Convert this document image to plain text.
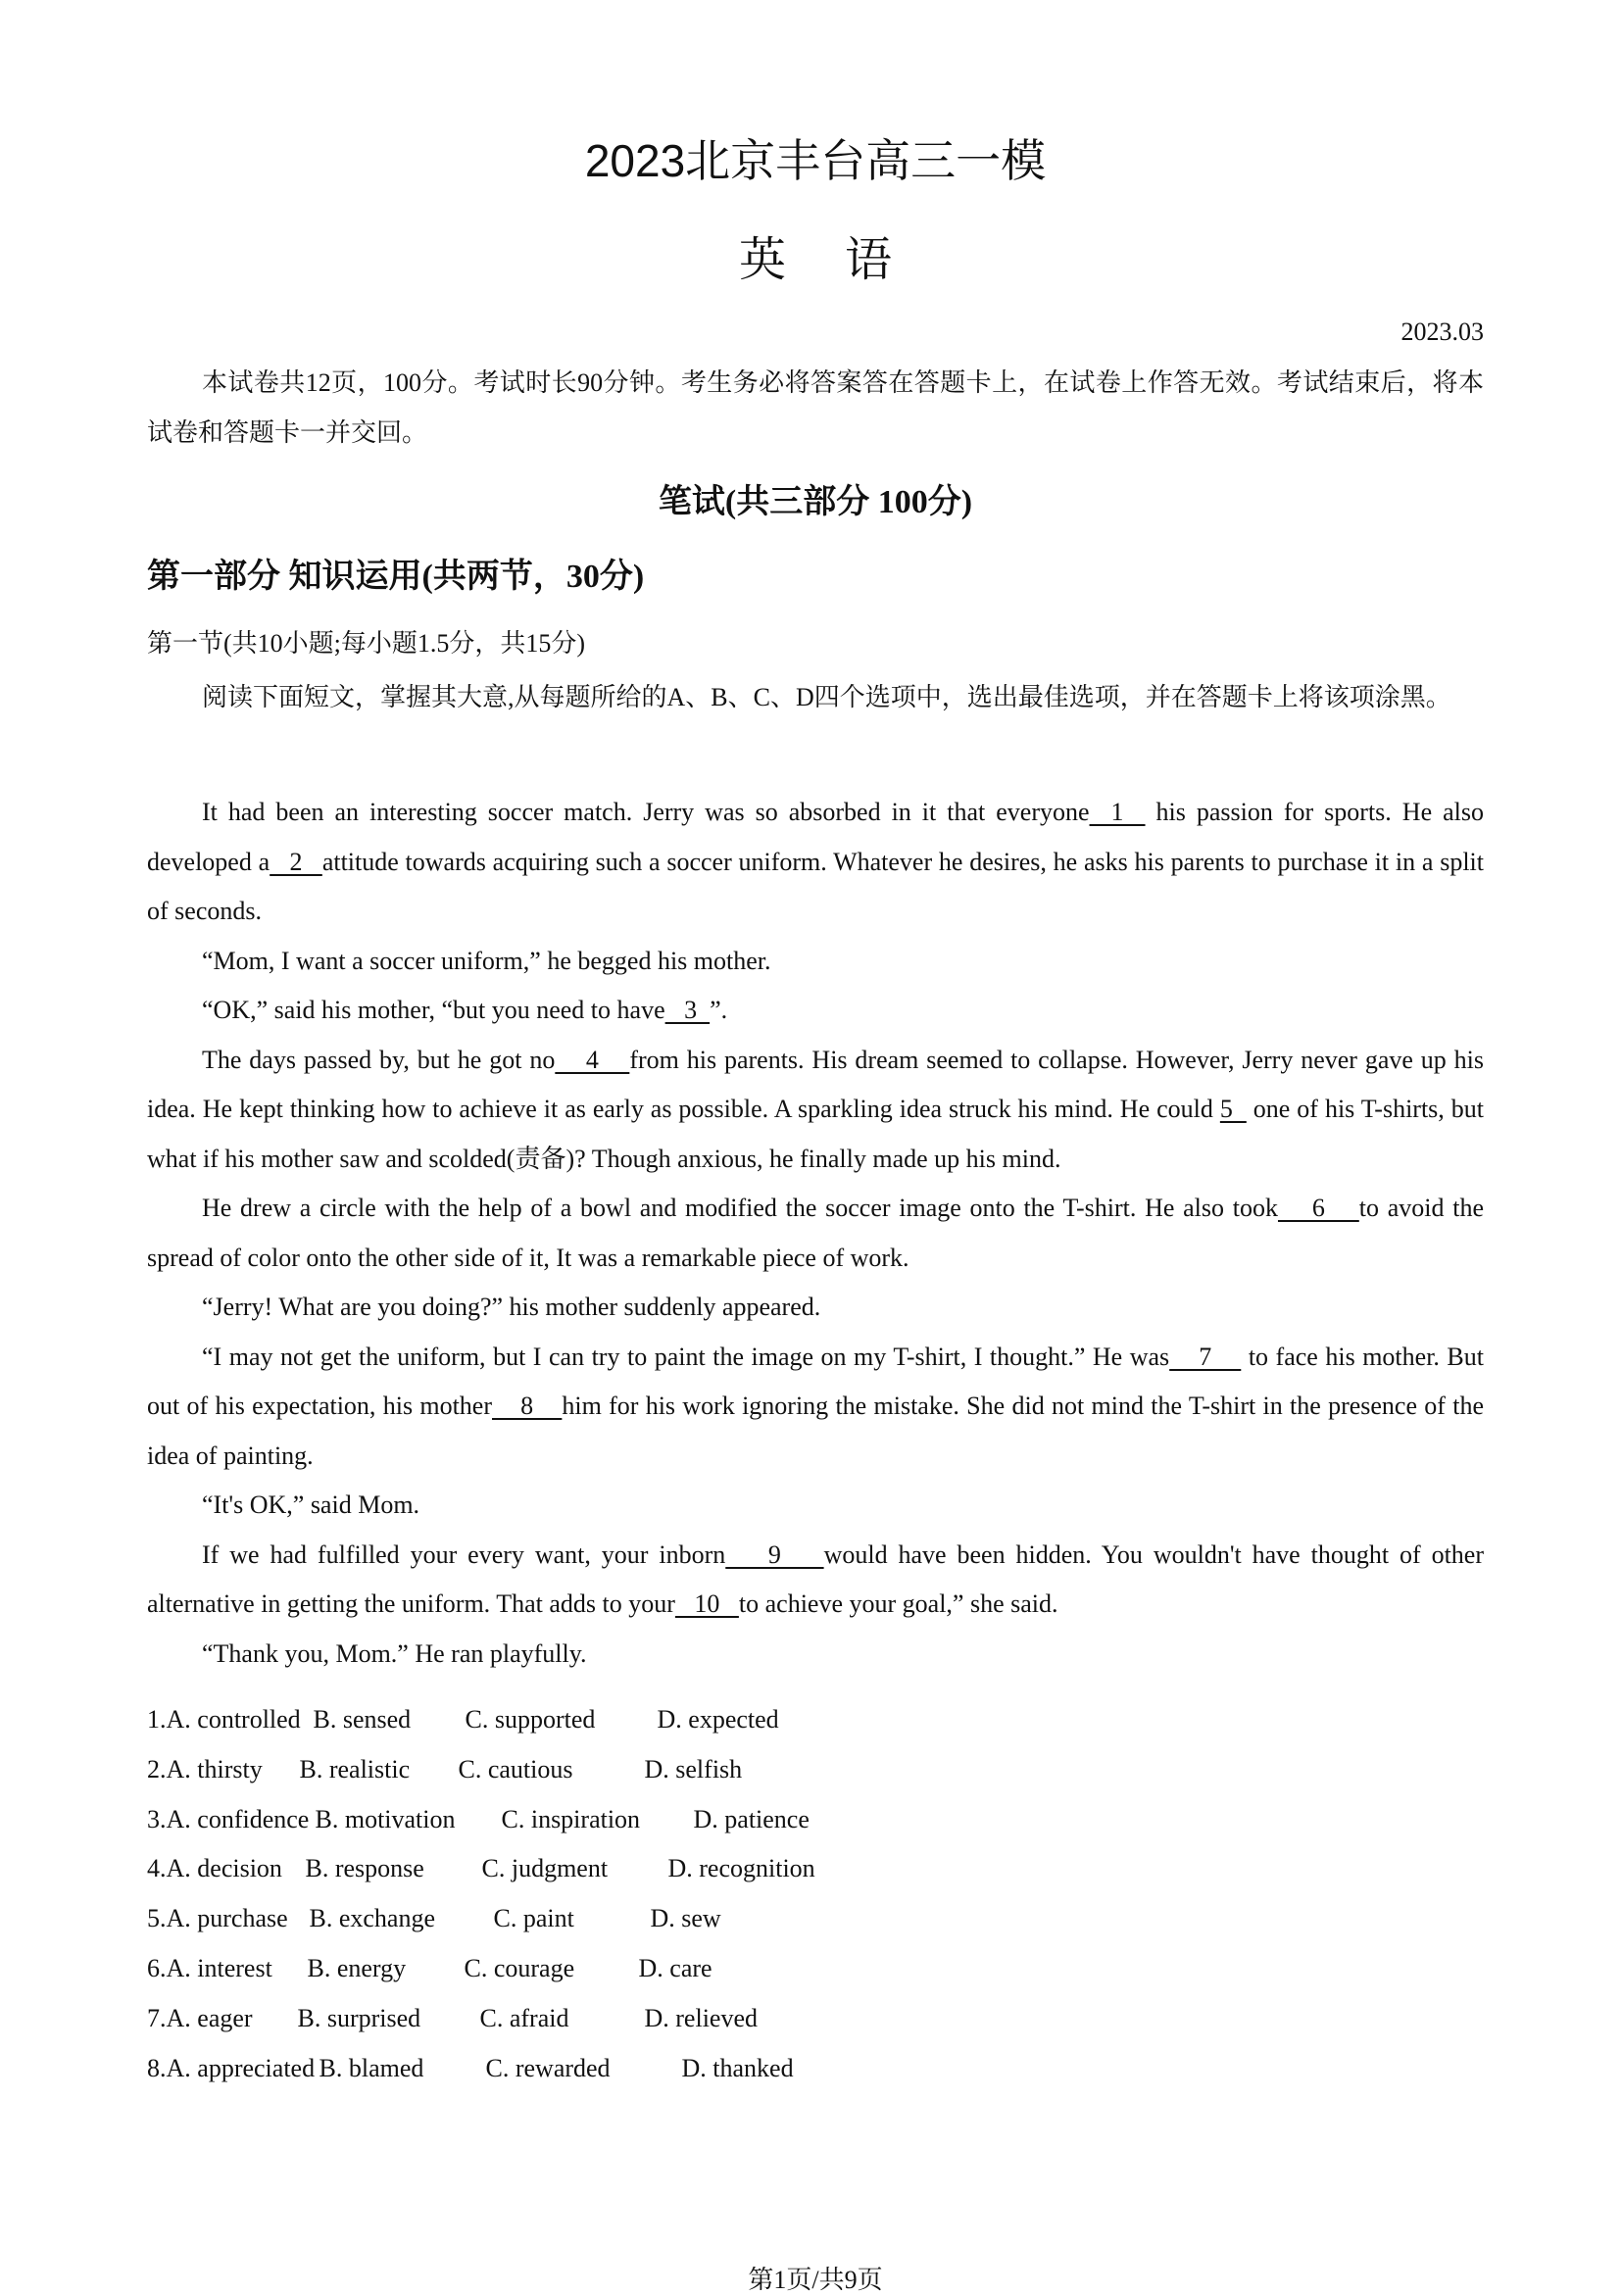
2023北京丰台高三一模
英语
2023.03
本试卷共12页，100分。考试时长90分钟。考生务必将答案答在答题卡上，在试卷上作答无效。考试结束后，将本试卷和答题卡一并交回。
笔试(共三部分 100分)
第一部分 知识运用(共两节，30分)
第一节(共10小题;每小题1.5分，共15分)
阅读下面短文，掌握其大意,从每题所给的A、B、C、D四个选项中，选出最佳选项，并在答题卡上将该项涂黑。

It had been an interesting soccer match. Jerry was so absorbed in it that everyone  1   his passion for sports. He also developed a   2   attitude towards acquiring such a soccer uniform. Whatever he desires, he asks his parents to purchase it in a split of seconds.

“Mom, I want a soccer uniform,” he begged his mother.

“OK,” said his mother, “but you need to have   3  ”.

The days passed by, but he got no    4    from his parents. His dream seemed to collapse. However, Jerry never gave up his idea. He kept thinking how to achieve it as early as possible. A sparkling idea struck his mind. He could 5   one of his T-shirts, but what if his mother saw and scolded(责备)? Though anxious, he finally made up his mind.

He drew a circle with the help of a bowl and modified the soccer image onto the T-shirt. He also took    6    to avoid the spread of color onto the other side of it, It was a remarkable piece of work.

“Jerry! What are you doing?” his mother suddenly appeared.

“I may not get the uniform, but I can try to paint the image on my T-shirt, I thought.” He was    7     to face his mother. But out of his expectation, his mother    8    him for his work ignoring the mistake. She did not mind the T-shirt in the presence of the idea of painting.

“It's OK,” said Mom.

If we had fulfilled your every want, your inborn    9    would have been hidden. You wouldn't have thought of other alternative in getting the uniform. That adds to your   10   to achieve your goal,” she said.

“Thank you, Mom.” He ran playfully.

1.A. controlled B. sensed C. supported D. expected
2.A. thirsty B. realistic C. cautious	D. selfish
3.A. confidence B. motivation C. inspiration D. patience
4.A. decision B. response C. judgment D. recognition
5.A. purchase B. exchange C. paint	D. sew
6.A. interest B. energy C. courage	D. care
7.A. eager B. surprised C. afraid	D. relieved
8.A. appreciated B. blamed C. rewarded	D. thanked
第1页/共9页
